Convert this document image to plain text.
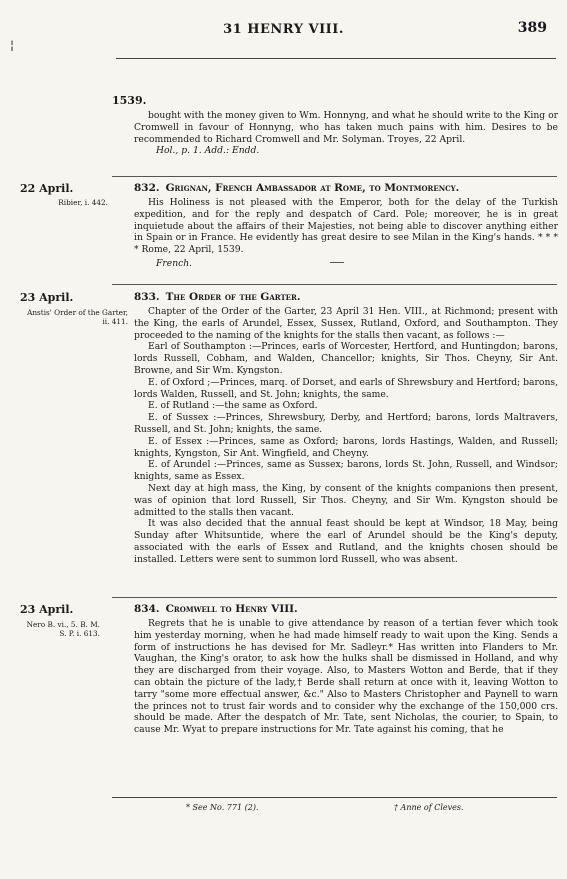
¦
31 HENRY VIII.	389
1539.

bought with the money given to Wm. Honnyng, and what he should write to the King or Cromwell in favour of Honnyng, who has taken much pains with him. Desires to be recommended to Richard Cromwell and Mr. Solyman. Troyes, 22 April.

Hol., p. 1. Add.: Endd.

22 April.	832. Grignan, French Ambassador at Rome, to Montmorency.
Ribier, i. 442.	His Holiness is not pleased with the Emperor, both for the delay of the Turkish expedition, and for the reply and despatch of Card. Pole; moreover, he is in great inquietude about the affairs of their Majesties, not being able to discover anything either in Spain or in France. He evidently has great desire to see Milan in the King's hands. * * * * Rome, 22 April, 1539.

French.

23 April.	833. The Order of the Garter.
Anstis' Order of the Garter, ii. 411.

Chapter of the Order of the Garter, 23 April 31 Hen. VIII., at Richmond; present with the King, the earls of Arundel, Essex, Sussex, Rutland, Oxford, and Southampton. They proceeded to the naming of the knights for the stalls then vacant, as follows :—

Earl of Southampton :—Princes, earls of Worcester, Hertford, and Huntingdon; barons, lords Russell, Cobham, and Walden, Chancellor; knights, Sir Thos. Cheyny, Sir Ant. Browne, and Sir Wm. Kyngston.

E. of Oxford ;—Princes, marq. of Dorset, and earls of Shrewsbury and Hertford; barons, lords Walden, Russell, and St. John; knights, the same.

E. of Rutland :—the same as Oxford.

E. of Sussex :—Princes, Shrewsbury, Derby, and Hertford; barons, lords Maltravers, Russell, and St. John; knights, the same.

E. of Essex :—Princes, same as Oxford; barons, lords Hastings, Walden, and Russell; knights, Kyngston, Sir Ant. Wingfield, and Cheyny.

E. of Arundel :—Princes, same as Sussex; barons, lords St. John, Russell, and Windsor; knights, same as Essex.

Next day at high mass, the King, by consent of the knights companions then present, was of opinion that lord Russell, Sir Thos. Cheyny, and Sir Wm. Kyngston should be admitted to the stalls then vacant.

It was also decided that the annual feast should be kept at Windsor, 18 May, being Sunday after Whitsuntide, where the earl of Arundel should be the King's deputy, associated with the earls of Essex and Rutland, and the knights chosen should be installed. Letters were sent to summon lord Russell, who was absent.

23 April.	834. Cromwell to Henry VIII.
Nero B. vi., 5. B. M. S. P. i. 613.

Regrets that he is unable to give attendance by reason of a tertian fever which took him yesterday morning, when he had made himself ready to wait upon the King. Sends a form of instructions he has devised for Mr. Sadleyr.* Has written into Flanders to Mr. Vaughan, the King's orator, to ask how the hulks shall be dismissed in Holland, and why they are discharged from their voyage. Also, to Masters Wotton and Berde, that if they can obtain the picture of the lady,† Berde shall return at once with it, leaving Wotton to tarry "some more effectual answer, &c." Also to Masters Christopher and Paynell to warn the princes not to trust fair words and to consider why the exchange of the 150,000 crs. should be made. After the despatch of Mr. Tate, sent Nicholas, the courier, to Spain, to cause Mr. Wyat to prepare instructions for Mr. Tate against his coming, that he

* See No. 771 (2).	† Anne of Cleves.
